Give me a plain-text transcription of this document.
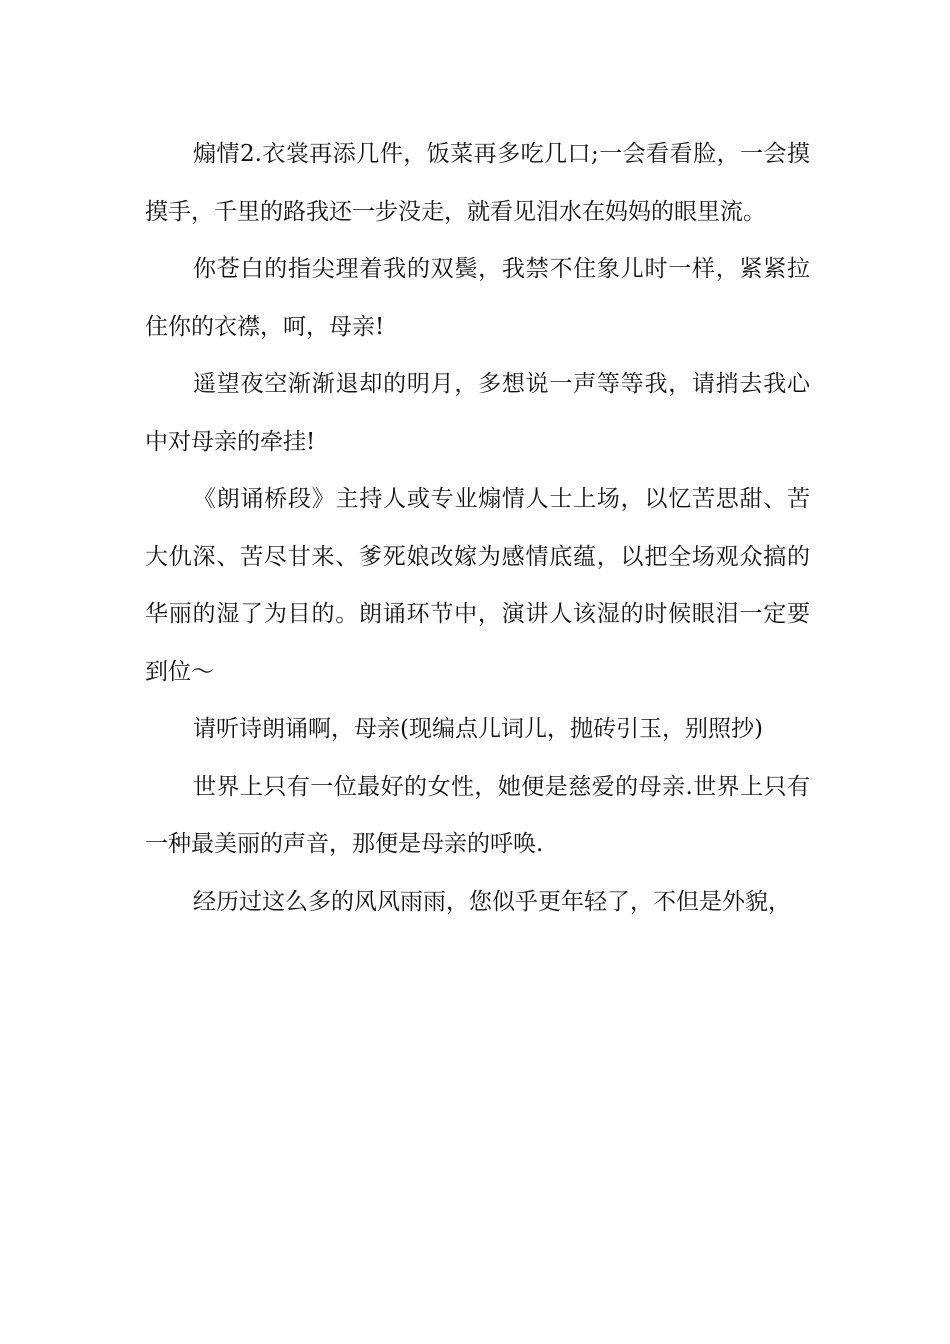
煽情2.衣裳再添几件，饭菜再多吃几口;一会看看脸，一会摸摸手，千里的路我还一步没走，就看见泪水在妈妈的眼里流。

你苍白的指尖理着我的双鬓，我禁不住象儿时一样，紧紧拉住你的衣襟，呵，母亲!

遥望夜空渐渐退却的明月，多想说一声等等我，请捎去我心中对母亲的牵挂!

《朗诵桥段》主持人或专业煽情人士上场，以忆苦思甜、苦大仇深、苦尽甘来、爹死娘改嫁为感情底蕴，以把全场观众搞的华丽的湿了为目的。朗诵环节中，演讲人该湿的时候眼泪一定要到位～

请听诗朗诵啊，母亲(现编点儿词儿，抛砖引玉，别照抄)

世界上只有一位最好的女性，她便是慈爱的母亲.世界上只有一种最美丽的声音，那便是母亲的呼唤.

经历过这么多的风风雨雨，您似乎更年轻了，不但是外貌，
